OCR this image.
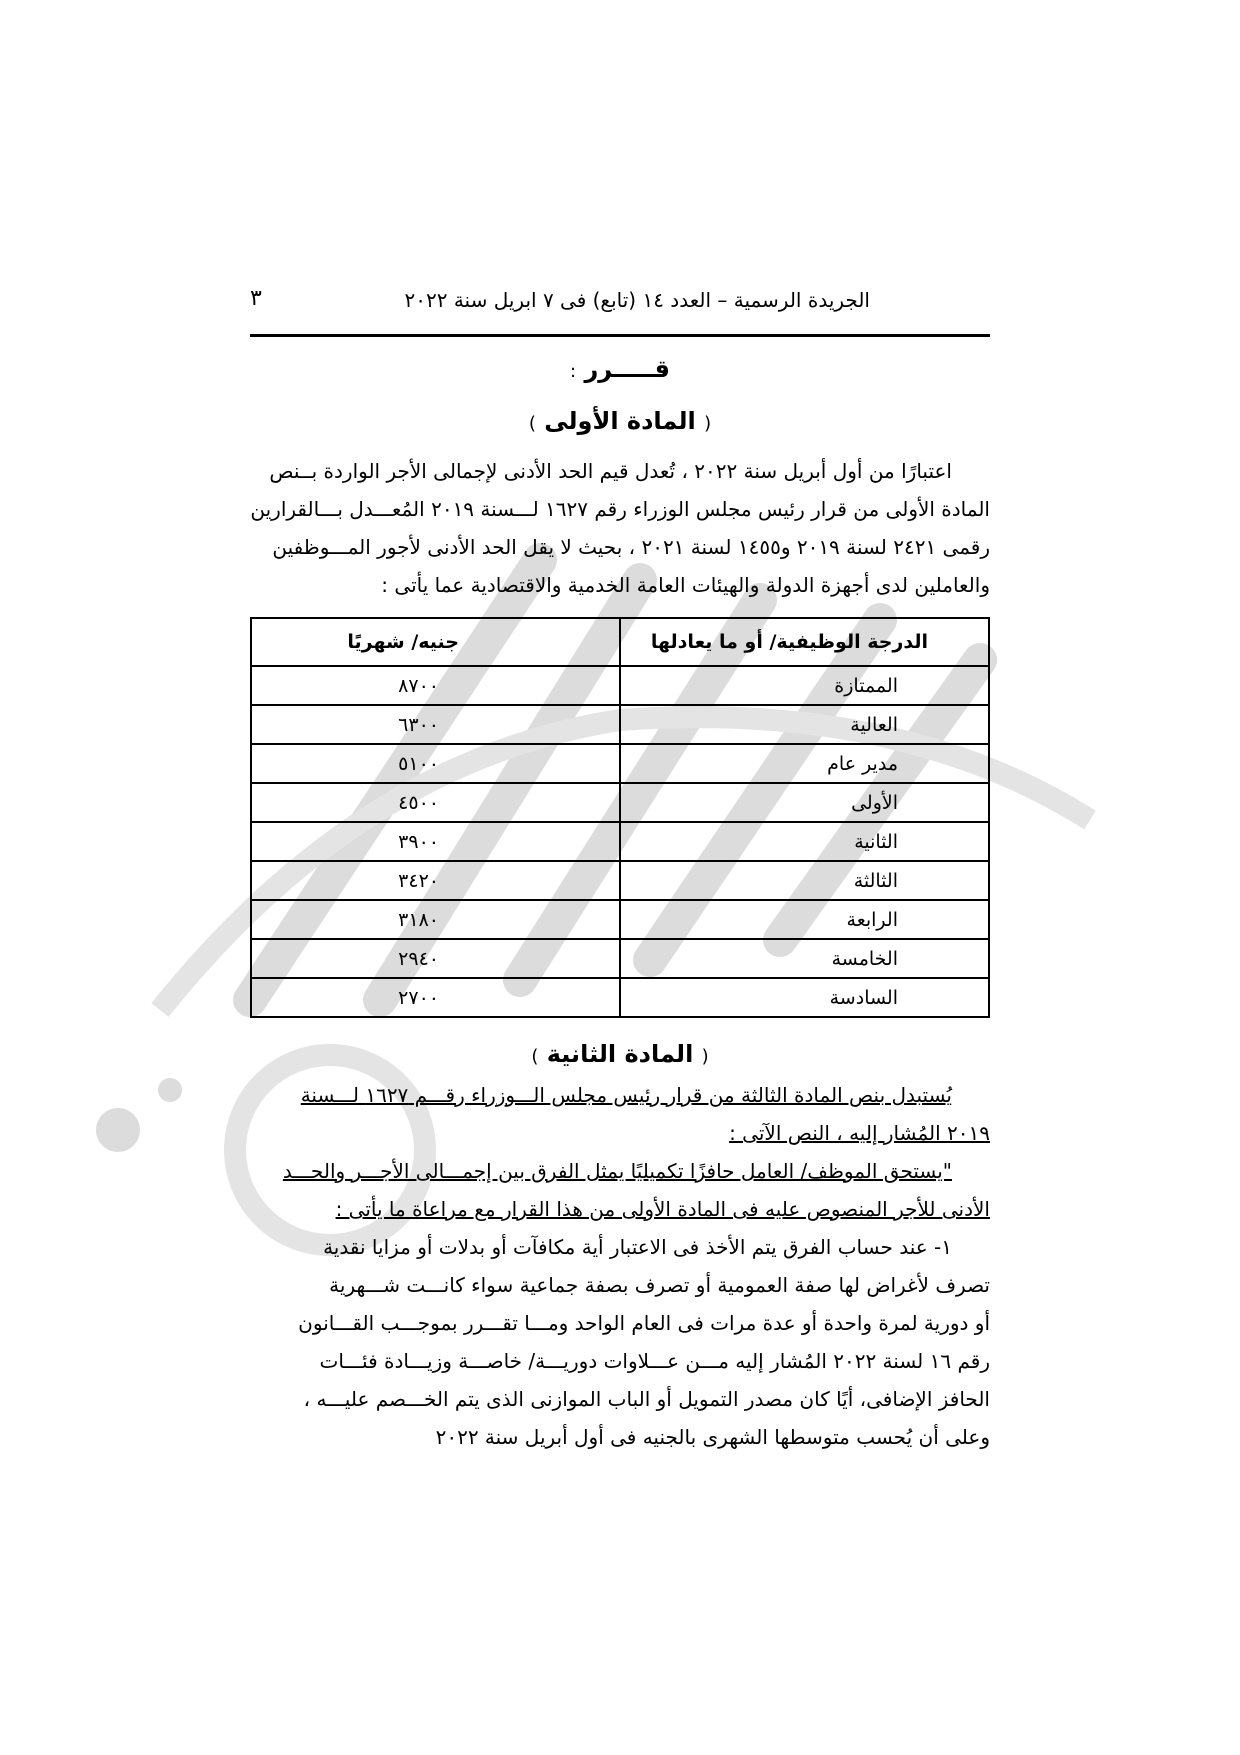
الجريدة الرسمية – العدد ١٤ (تابع) فى ٧ ابريل سنة ٢٠٢٢
٣
قـــــرر :
( المادة الأولى )
اعتبارًا من أول أبريل سنة ٢٠٢٢ ، تُعدل قيم الحد الأدنى لإجمالى الأجر الواردة بــنص
المادة الأولى من قرار رئيس مجلس الوزراء رقم ١٦٢٧ لـــسنة ٢٠١٩ المُعـــدل بـــالقرارين
رقمى ٢٤٢١ لسنة ٢٠١٩ و١٤٥٥ لسنة ٢٠٢١ ، بحيث لا يقل الحد الأدنى لأجور المـــوظفين
والعاملين لدى أجهزة الدولة والهيئات العامة الخدمية والاقتصادية عما يأتى :
الدرجة الوظيفية/ أو ما يعادلها	جنيه/ شهريًا
الممتازة	٨٧٠٠
العالية	٦٣٠٠
مدير عام	٥١٠٠
الأولى	٤٥٠٠
الثانية	٣٩٠٠
الثالثة	٣٤٢٠
الرابعة	٣١٨٠
الخامسة	٢٩٤٠
السادسة	٢٧٠٠
( المادة الثانية )
يُستبدل بنص المادة الثالثة من قرار رئيس مجلس الـــوزراء رقـــم ١٦٢٧ لـــسنة
٢٠١٩ المُشار إليه ، النص الآتى :
"يستحق الموظف/ العامل حافزًا تكميليًا يمثل الفرق بين إجمـــالى الأجـــر والحـــد
الأدنى للأجر المنصوص عليه فى المادة الأولى من هذا القرار مع مراعاة ما يأتى :
١- عند حساب الفرق يتم الأخذ فى الاعتبار أية مكافآت أو بدلات أو مزايا نقدية
تصرف لأغراض لها صفة العمومية أو تصرف بصفة جماعية سواء كانـــت شـــهرية
أو دورية لمرة واحدة أو عدة مرات فى العام الواحد ومـــا تقـــرر بموجـــب القـــانون
رقم ١٦ لسنة ٢٠٢٢ المُشار إليه مـــن عـــلاوات دوريـــة/ خاصـــة وزيـــادة فئـــات
الحافز الإضافى، أيًا كان مصدر التمويل أو الباب الموازنى الذى يتم الخـــصم عليـــه ،
وعلى أن يُحسب متوسطها الشهرى بالجنيه فى أول أبريل سنة ٢٠٢٢
